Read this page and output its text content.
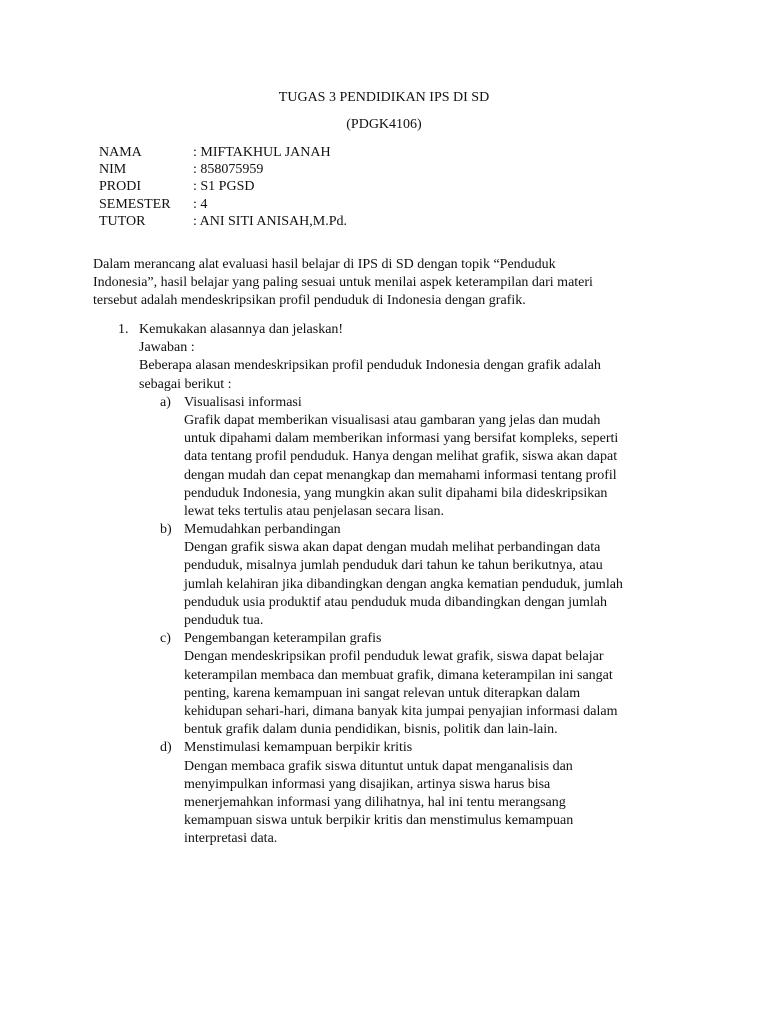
TUGAS 3 PENDIDIKAN IPS DI SD
(PDGK4106)
NAMA	: MIFTAKHUL JANAH
NIM	: 858075959
PRODI	: S1 PGSD
SEMESTER : 4
TUTOR	: ANI SITI ANISAH,M.Pd.
Dalam merancang alat evaluasi hasil belajar di IPS di SD dengan topik “Penduduk
Indonesia”, hasil belajar yang paling sesuai untuk menilai aspek keterampilan dari materi
tersebut adalah mendeskripsikan profil penduduk di Indonesia dengan grafik.
1. Kemukakan alasannya dan jelaskan!
Jawaban :
Beberapa alasan mendeskripsikan profil penduduk Indonesia dengan grafik adalah
sebagai berikut :
a) Visualisasi informasi
Grafik dapat memberikan visualisasi atau gambaran yang jelas dan mudah
untuk dipahami dalam memberikan informasi yang bersifat kompleks, seperti
data tentang profil penduduk. Hanya dengan melihat grafik, siswa akan dapat
dengan mudah dan cepat menangkap dan memahami informasi tentang profil
penduduk Indonesia, yang mungkin akan sulit dipahami bila dideskripsikan
lewat teks tertulis atau penjelasan secara lisan.
b) Memudahkan perbandingan
Dengan grafik siswa akan dapat dengan mudah melihat perbandingan data
penduduk, misalnya jumlah penduduk dari tahun ke tahun berikutnya, atau
jumlah kelahiran jika dibandingkan dengan angka kematian penduduk, jumlah
penduduk usia produktif atau penduduk muda dibandingkan dengan jumlah
penduduk tua.
c) Pengembangan keterampilan grafis
Dengan mendeskripsikan profil penduduk lewat grafik, siswa dapat belajar
keterampilan membaca dan membuat grafik, dimana keterampilan ini sangat
penting, karena kemampuan ini sangat relevan untuk diterapkan dalam
kehidupan sehari-hari, dimana banyak kita jumpai penyajian informasi dalam
bentuk grafik dalam dunia pendidikan, bisnis, politik dan lain-lain.
d) Menstimulasi kemampuan berpikir kritis
Dengan membaca grafik siswa dituntut untuk dapat menganalisis dan
menyimpulkan informasi yang disajikan, artinya siswa harus bisa
menerjemahkan informasi yang dilihatnya, hal ini tentu merangsang
kemampuan siswa untuk berpikir kritis dan menstimulus kemampuan
interpretasi data.
